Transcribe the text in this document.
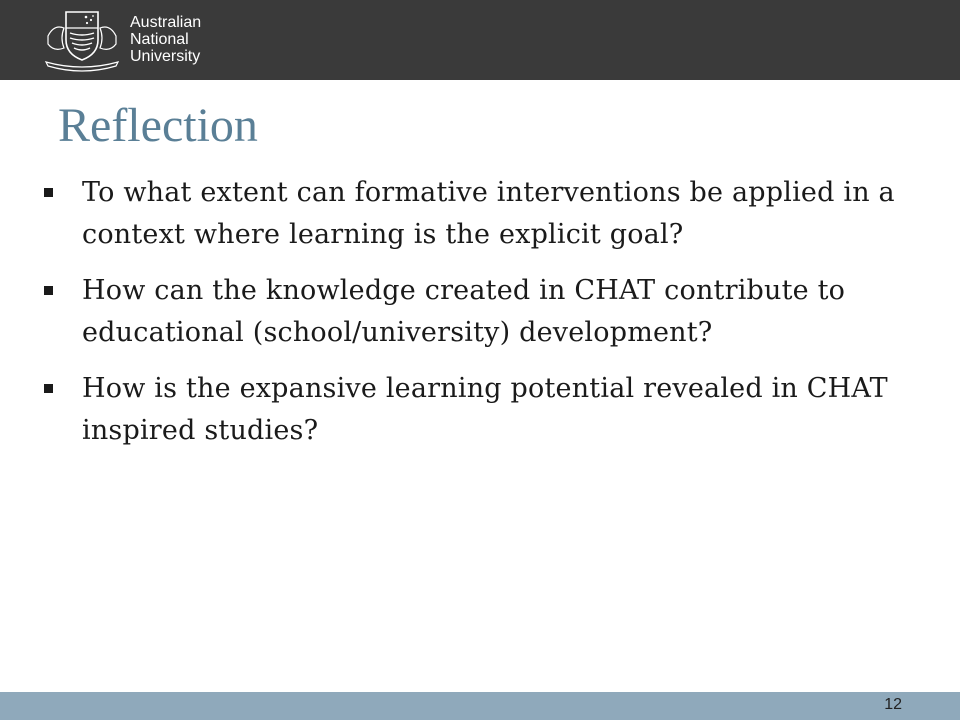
Australian
National
University
Reflection
To what extent can formative interventions be applied in a context where learning is the explicit goal?
How can the knowledge created in CHAT contribute to educational (school/university) development?
How is the expansive learning potential revealed in CHAT inspired studies?
12
